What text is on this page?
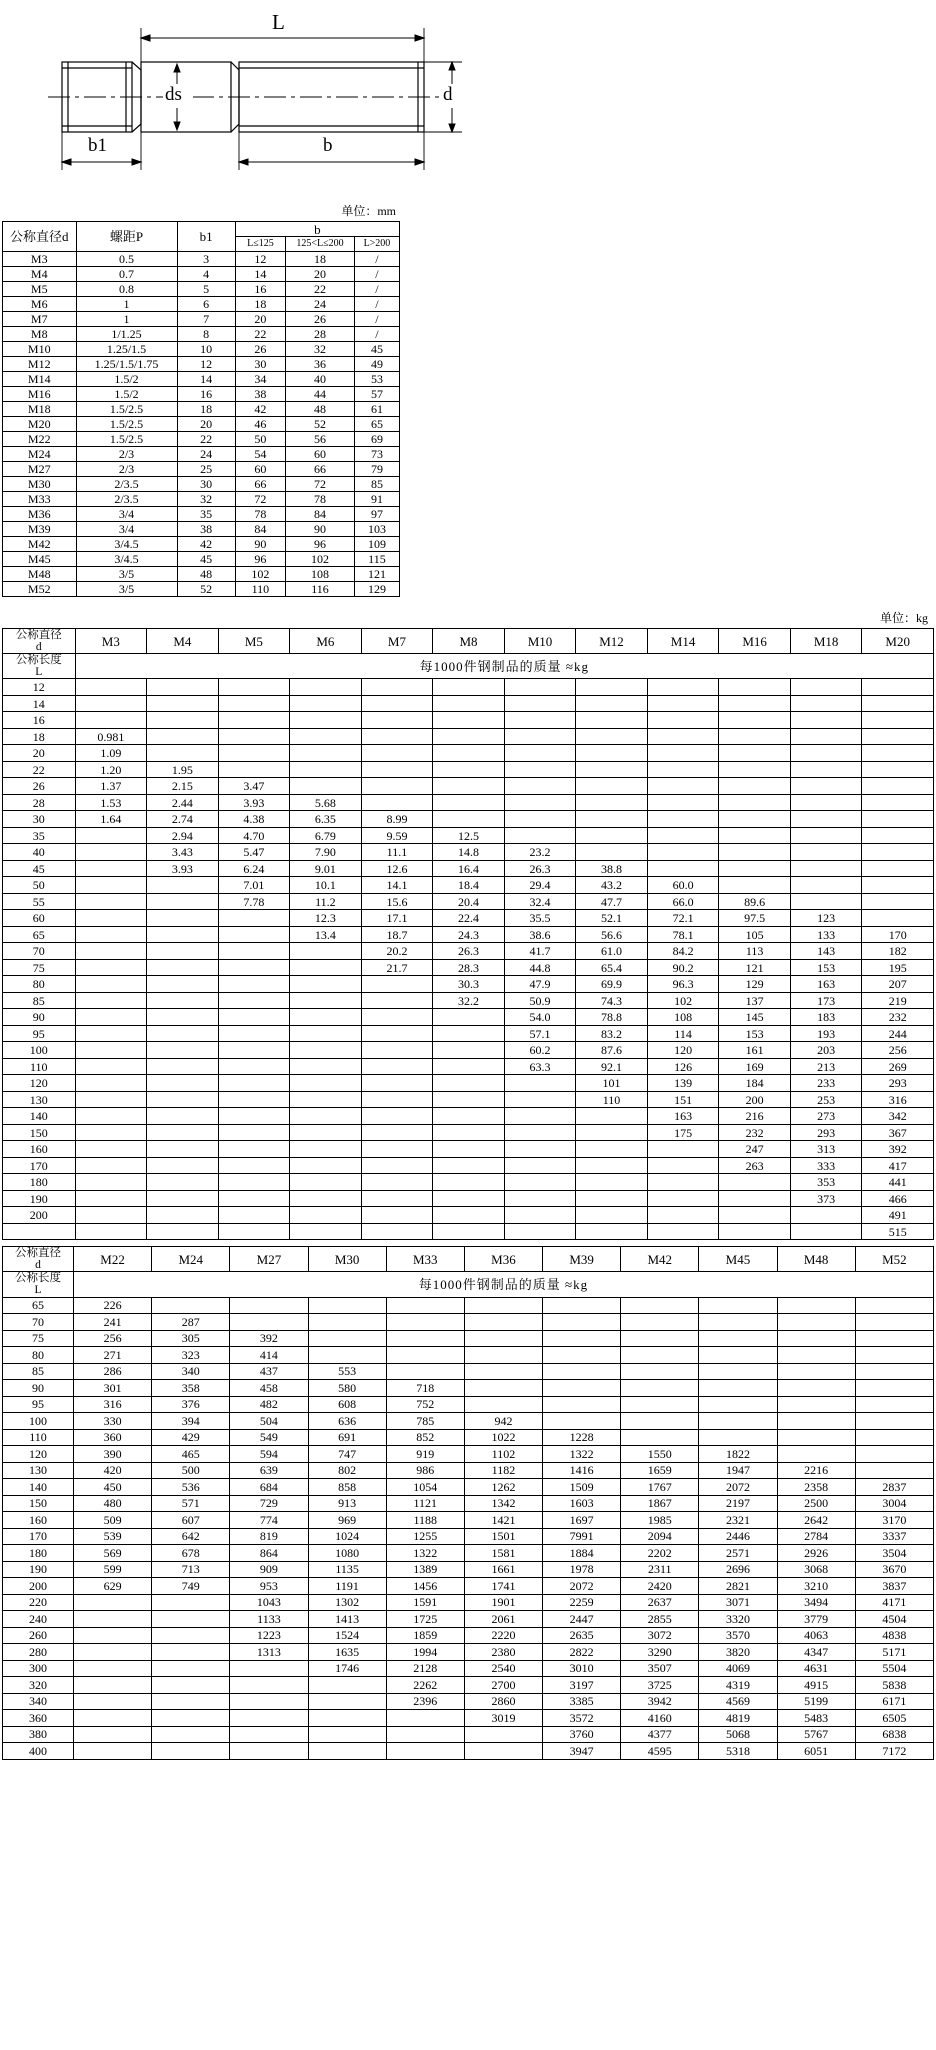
L
ds	d
b1	b
单位：mm
公称直径d	螺距P	b1	b		
			L≤125	125<L≤200	L>200
M3	0.5	3	12	18	/
M4	0.7	4	14	20	/
M5	0.8	5	16	22	/
M6	1	6	18	24	/
M7	1	7	20	26	/
M8	1/1.25	8	22	28	/
M10	1.25/1.5	10	26	32	45
M12	1.25/1.5/1.75	12	30	36	49
M14	1.5/2	14	34	40	53
M16	1.5/2	16	38	44	57
M18	1.5/2.5	18	42	48	61
M20	1.5/2.5	20	46	52	65
M22	1.5/2.5	22	50	56	69
M24	2/3	24	54	60	73
M27	2/3	25	60	66	79
M30	2/3.5	30	66	72	85
M33	2/3.5	32	72	78	91
M36	3/4	35	78	84	97
M39	3/4	38	84	90	103
M42	3/4.5	42	90	96	109
M45	3/4.5	45	96	102	115
M48	3/5	48	102	108	121
M52	3/5	52	110	116	129
单位：kg
公称直径
d	M3	M4	M5	M6	M7	M8	M10	M12	M14	M16	M18	M20
公称长度
L	每1000件钢制品的质量 ≈kg											
12												
14												
16												
18	0.981											
20	1.09											
22	1.20	1.95										
26	1.37	2.15	3.47									
28	1.53	2.44	3.93	5.68								
30	1.64	2.74	4.38	6.35	8.99							
35		2.94	4.70	6.79	9.59	12.5						
40		3.43	5.47	7.90	11.1	14.8	23.2					
45		3.93	6.24	9.01	12.6	16.4	26.3	38.8				
50			7.01	10.1	14.1	18.4	29.4	43.2	60.0			
55			7.78	11.2	15.6	20.4	32.4	47.7	66.0	89.6		
60				12.3	17.1	22.4	35.5	52.1	72.1	97.5	123	
65				13.4	18.7	24.3	38.6	56.6	78.1	105	133	170
70					20.2	26.3	41.7	61.0	84.2	113	143	182
75					21.7	28.3	44.8	65.4	90.2	121	153	195
80						30.3	47.9	69.9	96.3	129	163	207
85						32.2	50.9	74.3	102	137	173	219
90							54.0	78.8	108	145	183	232
95							57.1	83.2	114	153	193	244
100							60.2	87.6	120	161	203	256
110							63.3	92.1	126	169	213	269
120								101	139	184	233	293
130								110	151	200	253	316
140									163	216	273	342
150									175	232	293	367
160										247	313	392
170										263	333	417
180											353	441
190											373	466
200												491
												515
公称直径
d	M22	M24	M27	M30	M33	M36	M39	M42	M45	M48	M52
公称长度
L	每1000件钢制品的质量 ≈kg										
65	226										
70	241	287									
75	256	305	392								
80	271	323	414								
85	286	340	437	553							
90	301	358	458	580	718						
95	316	376	482	608	752						
100	330	394	504	636	785	942					
110	360	429	549	691	852	1022	1228				
120	390	465	594	747	919	1102	1322	1550	1822		
130	420	500	639	802	986	1182	1416	1659	1947	2216	
140	450	536	684	858	1054	1262	1509	1767	2072	2358	2837
150	480	571	729	913	1121	1342	1603	1867	2197	2500	3004
160	509	607	774	969	1188	1421	1697	1985	2321	2642	3170
170	539	642	819	1024	1255	1501	7991	2094	2446	2784	3337
180	569	678	864	1080	1322	1581	1884	2202	2571	2926	3504
190	599	713	909	1135	1389	1661	1978	2311	2696	3068	3670
200	629	749	953	1191	1456	1741	2072	2420	2821	3210	3837
220			1043	1302	1591	1901	2259	2637	3071	3494	4171
240			1133	1413	1725	2061	2447	2855	3320	3779	4504
260			1223	1524	1859	2220	2635	3072	3570	4063	4838
280			1313	1635	1994	2380	2822	3290	3820	4347	5171
300				1746	2128	2540	3010	3507	4069	4631	5504
320					2262	2700	3197	3725	4319	4915	5838
340					2396	2860	3385	3942	4569	5199	6171
360						3019	3572	4160	4819	5483	6505
380							3760	4377	5068	5767	6838
400							3947	4595	5318	6051	7172
